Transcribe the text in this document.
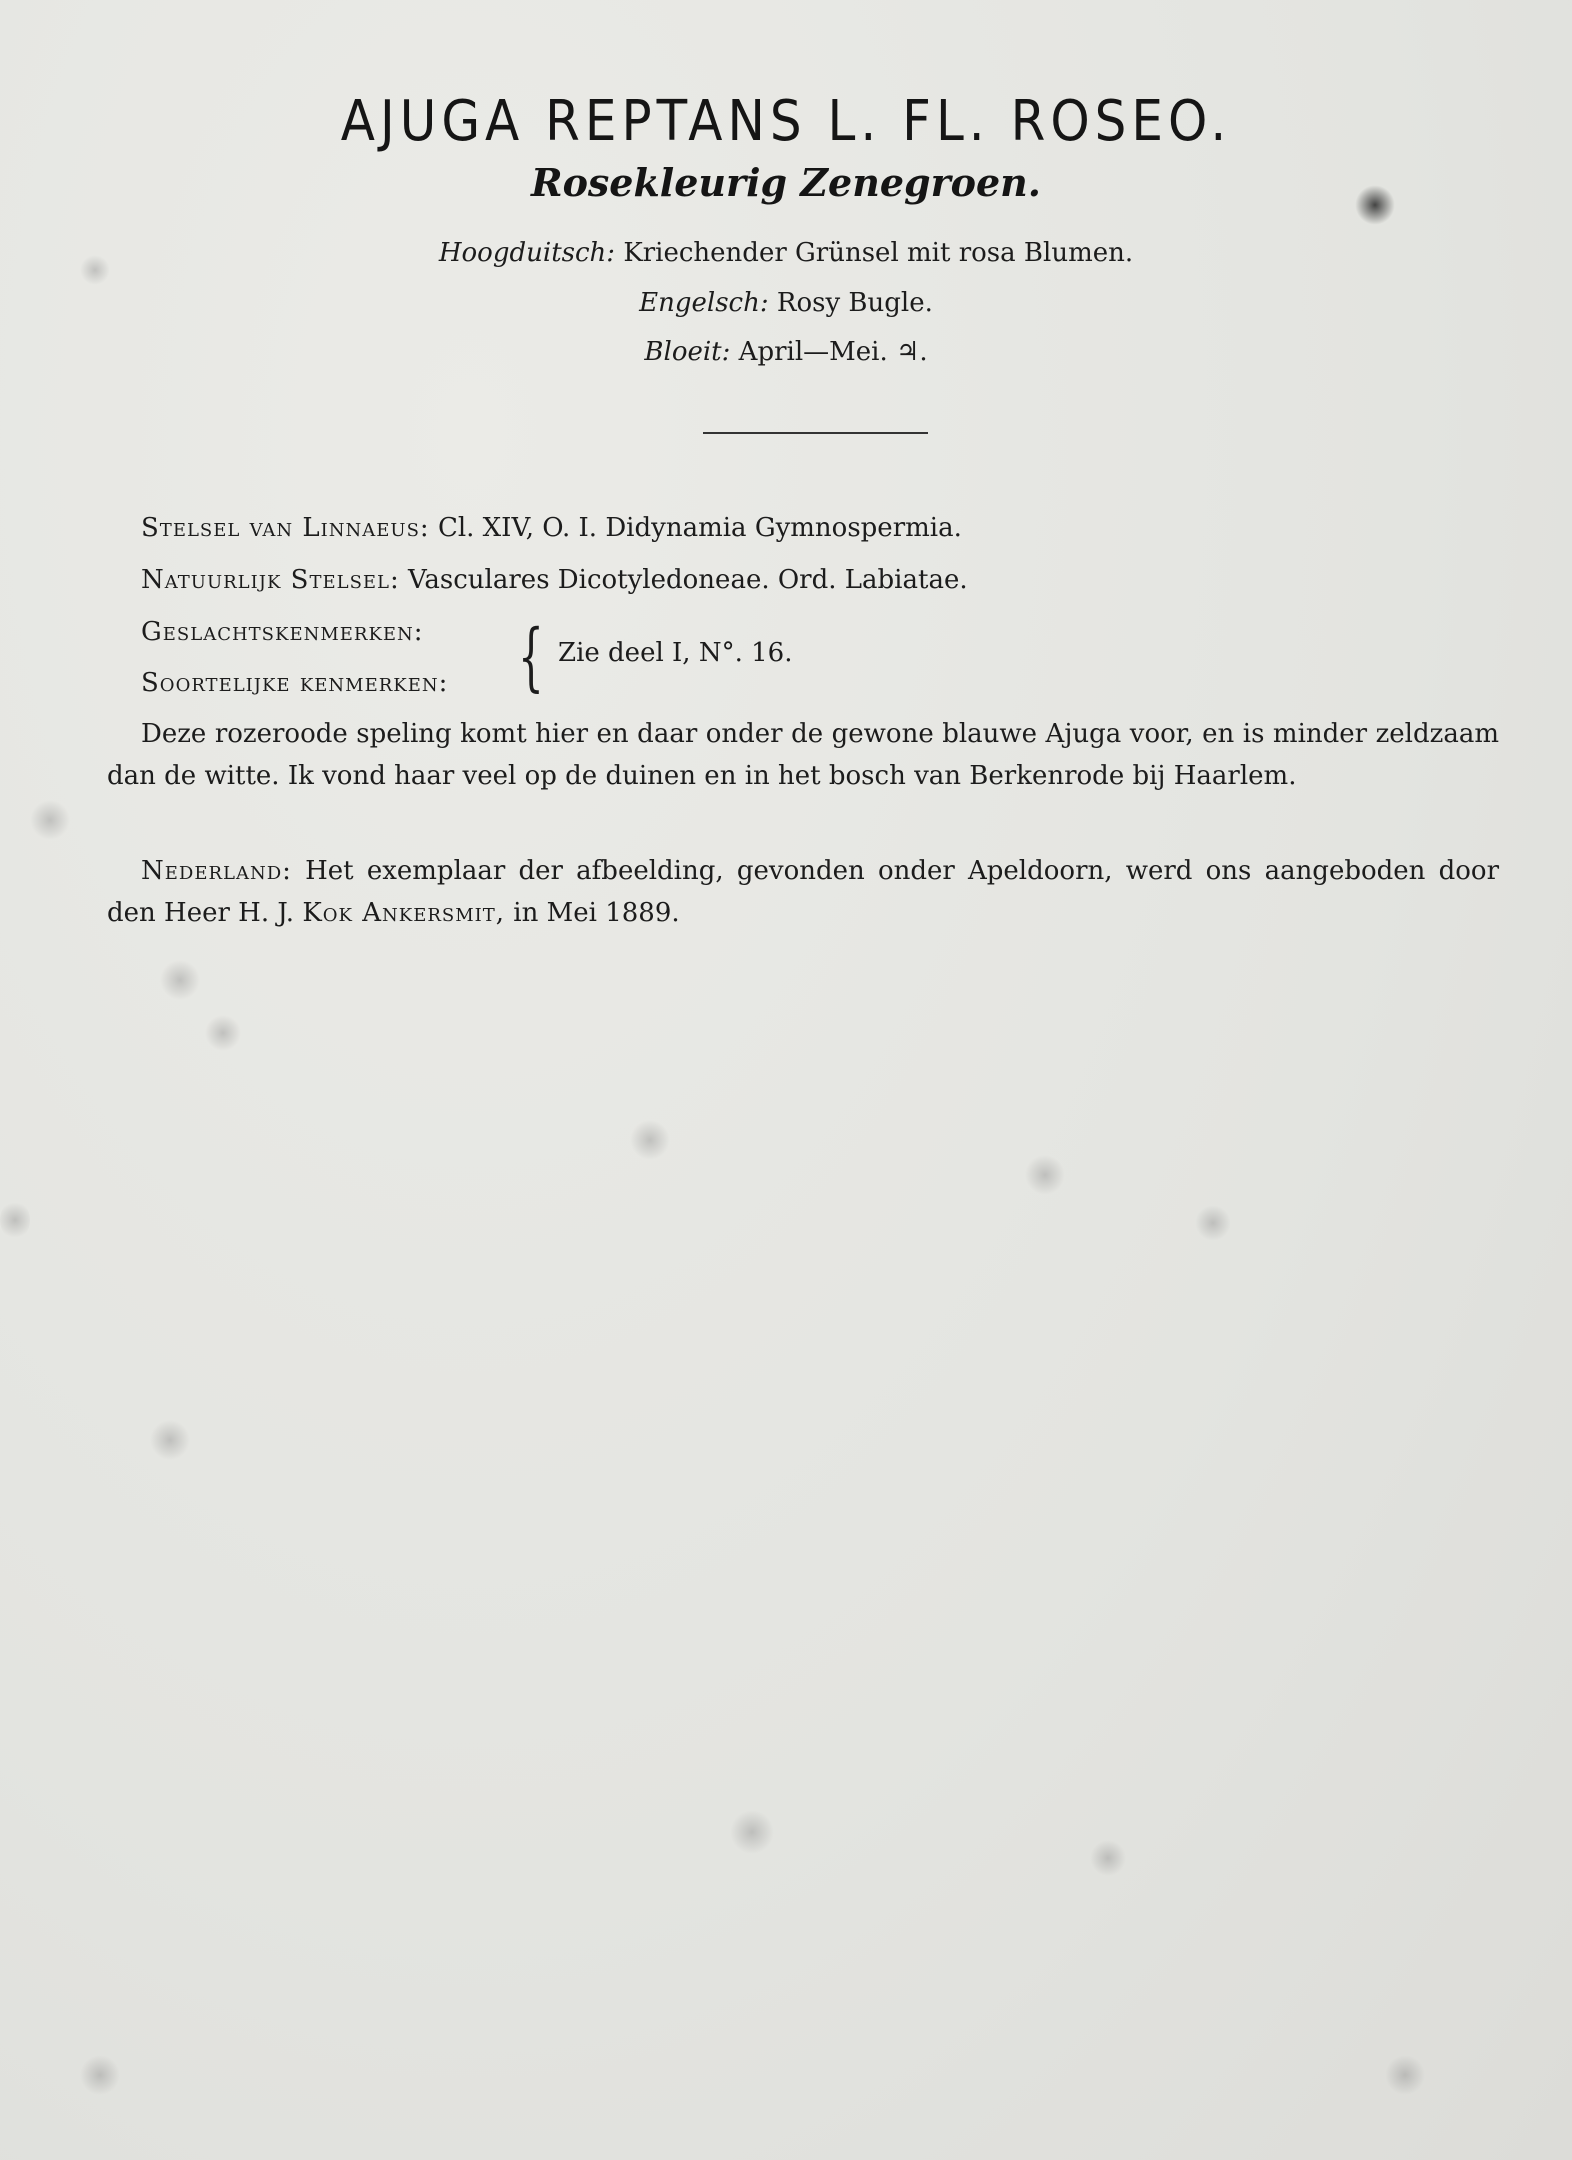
AJUGA REPTANS L. FL. ROSEO.
Rosekleurig Zenegroen.
Hoogduitsch: Kriechender Grünsel mit rosa Blumen.
Engelsch: Rosy Bugle.
Bloeit: April—Mei. ♃.
Stelsel van Linnaeus: Cl. XIV, O. I. Didynamia Gymnospermia.
Natuurlijk Stelsel: Vasculares Dicotyledoneae. Ord. Labiatae.
Geslachtskenmerken:
Soortelijke kenmerken: { Zie deel I, N°. 16.
Deze rozeroode speling komt hier en daar onder de gewone blauwe Ajuga voor, en is minder zeldzaam dan de witte. Ik vond haar veel op de duinen en in het bosch van Berkenrode bij Haarlem.
Nederland: Het exemplaar der afbeelding, gevonden onder Apeldoorn, werd ons aangeboden door den Heer H. J. Kok Ankersmit, in Mei 1889.
